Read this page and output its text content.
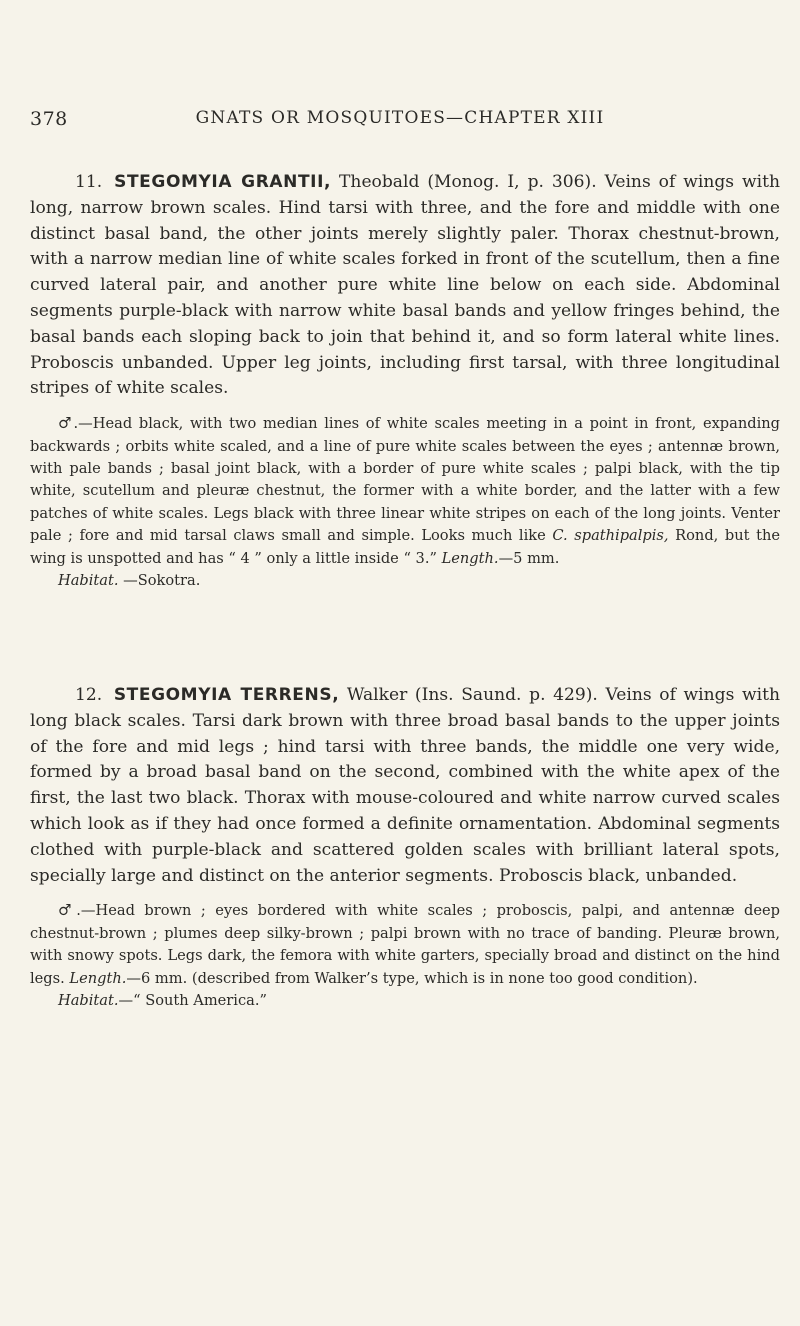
378	GNATS OR MOSQUITOES—CHAPTER XIII

11. STEGOMYIA GRANTII, Theobald (Monog. I, p. 306). Veins of wings with long, narrow brown scales. Hind tarsi with three, and the fore and middle with one distinct basal band, the other joints merely slightly paler. Thorax chestnut-brown, with a narrow median line of white scales forked in front of the scutellum, then a fine curved lateral pair, and another pure white line below on each side. Abdominal segments purple-black with narrow white basal bands and yellow fringes behind, the basal bands each sloping back to join that behind it, and so form lateral white lines. Proboscis unbanded. Upper leg joints, including first tarsal, with three longitudinal stripes of white scales.

♂.—Head black, with two median lines of white scales meeting in a point in front, expanding backwards ; orbits white scaled, and a line of pure white scales between the eyes ; antennæ brown, with pale bands ; basal joint black, with a border of pure white scales ; palpi black, with the tip white, scutellum and pleuræ chestnut, the former with a white border, and the latter with a few patches of white scales. Legs black with three linear white stripes on each of the long joints. Venter pale ; fore and mid tarsal claws small and simple. Looks much like C. spathipalpis, Rond, but the wing is unspotted and has “ 4 ” only a little inside “ 3.” Length.—5 mm.

Habitat. —Sokotra.

12. STEGOMYIA TERRENS, Walker (Ins. Saund. p. 429). Veins of wings with long black scales. Tarsi dark brown with three broad basal bands to the upper joints of the fore and mid legs ; hind tarsi with three bands, the middle one very wide, formed by a broad basal band on the second, combined with the white apex of the first, the last two black. Thorax with mouse-coloured and white narrow curved scales which look as if they had once formed a definite ornamentation. Abdominal segments clothed with purple-black and scattered golden scales with brilliant lateral spots, specially large and distinct on the anterior segments. Proboscis black, unbanded.

♂.—Head brown ; eyes bordered with white scales ; proboscis, palpi, and antennæ deep chestnut-brown ; plumes deep silky-brown ; palpi brown with no trace of banding. Pleuræ brown, with snowy spots. Legs dark, the femora with white garters, specially broad and distinct on the hind legs. Length.—6 mm. (described from Walker’s type, which is in none too good condition).

Habitat.—“ South America.”
